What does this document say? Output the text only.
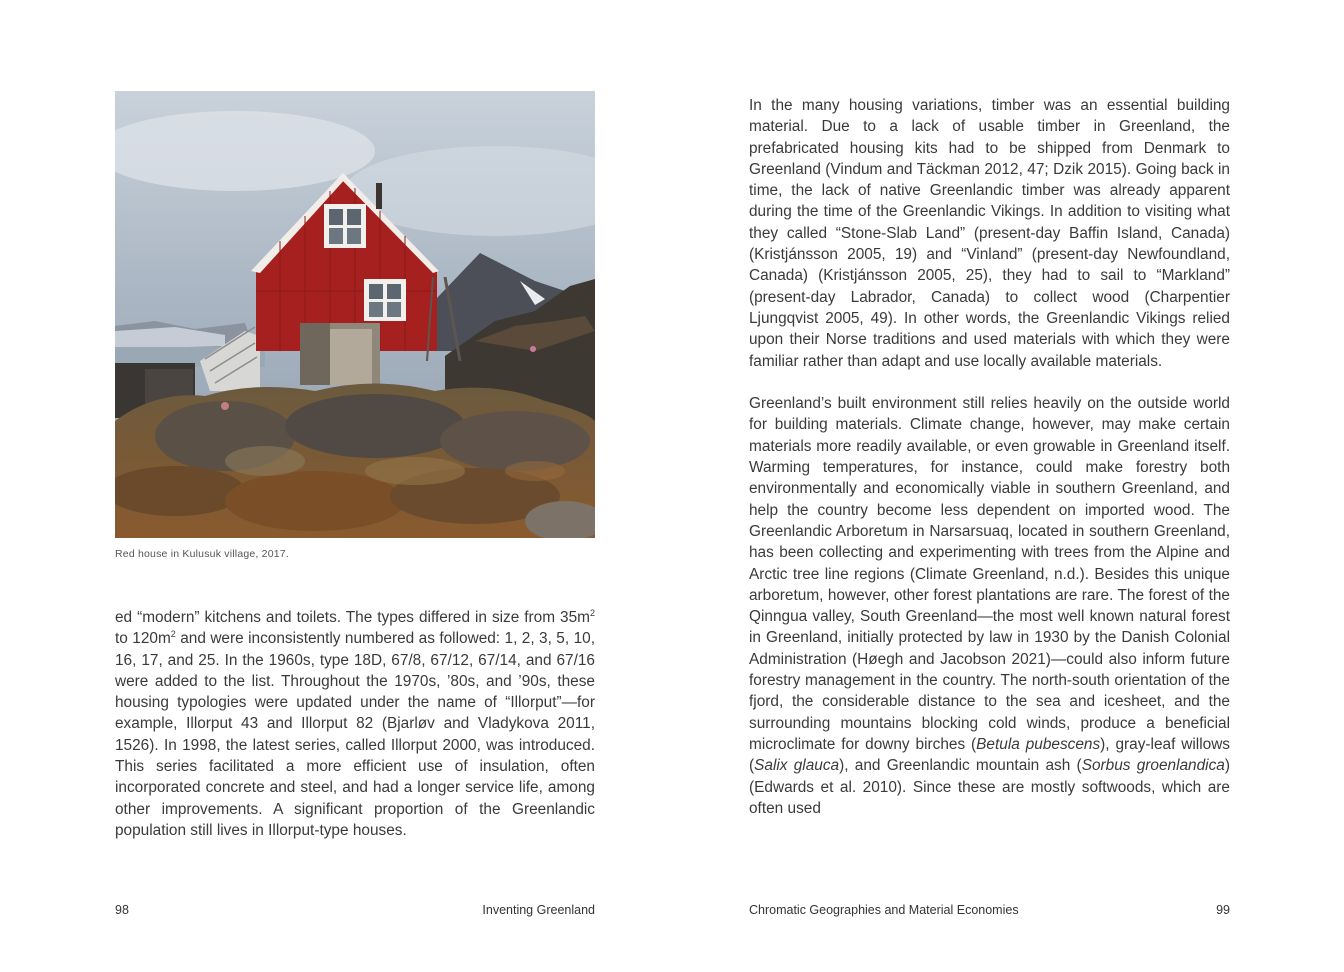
Red house in Kulusuk village, 2017.

ed “modern” kitchens and toilets. The types differed in size from $35m^2$ to $120m^2$ and were inconsistently numbered as followed: 1, 2, 3, 5, 10, 16, 17, and 25. In the 1960s, type 18D, 67/8, 67/12, 67/14, and 67/16 were added to the list. Throughout the 1970s, ’80s, and ’90s, these housing typologies were updated under the name of “Illorput”—for example, Illorput 43 and Illorput 82 (Bjarløv and Vladykova 2011, 1526). In 1998, the latest series, called Illorput 2000, was introduced. This series facilitated a more efficient use of insulation, often incorporated concrete and steel, and had a longer service life, among other improvements. A significant proportion of the Greenlandic population still lives in Illorput-type houses.

98	Inventing Greenland

In the many housing variations, timber was an essential building material. Due to a lack of usable timber in Greenland, the prefabricated housing kits had to be shipped from Denmark to Greenland (Vindum and Täckman 2012, 47; Dzik 2015). Going back in time, the lack of native Greenlandic timber was already apparent during the time of the Greenlandic Vikings. In addition to visiting what they called “Stone-Slab Land” (present-day Baffin Island, Canada) (Kristjánsson 2005, 19) and “Vinland” (present-day Newfoundland, Canada) (Kristjánsson 2005, 25), they had to sail to “Markland” (present-day Labrador, Canada) to collect wood (Charpentier Ljungqvist 2005, 49). In other words, the Greenlandic Vikings relied upon their Norse traditions and used materials with which they were familiar rather than adapt and use locally available materials.

Greenland’s built environment still relies heavily on the outside world for building materials. Climate change, however, may make certain materials more readily available, or even growable in Greenland itself. Warming temperatures, for instance, could make forestry both environmentally and economically viable in southern Greenland, and help the country become less dependent on imported wood. The Greenlandic Arboretum in Narsarsuaq, located in southern Greenland, has been collecting and experimenting with trees from the Alpine and Arctic tree line regions (Climate Greenland, n.d.). Besides this unique arboretum, however, other forest plantations are rare. The forest of the Qinngua valley, South Greenland—the most well known natural forest in Greenland, initially protected by law in 1930 by the Danish Colonial Administration (Høegh and Jacobson 2021)—could also inform future forestry management in the country. The north-south orientation of the fjord, the considerable distance to the sea and icesheet, and the surrounding mountains blocking cold winds, produce a beneficial microclimate for downy birches (Betula pubescens), gray-leaf willows (Salix glauca), and Greenlandic mountain ash (Sorbus groenlandica) (Edwards et al. 2010). Since these are mostly softwoods, which are often used

Chromatic Geographies and Material Economies	99
